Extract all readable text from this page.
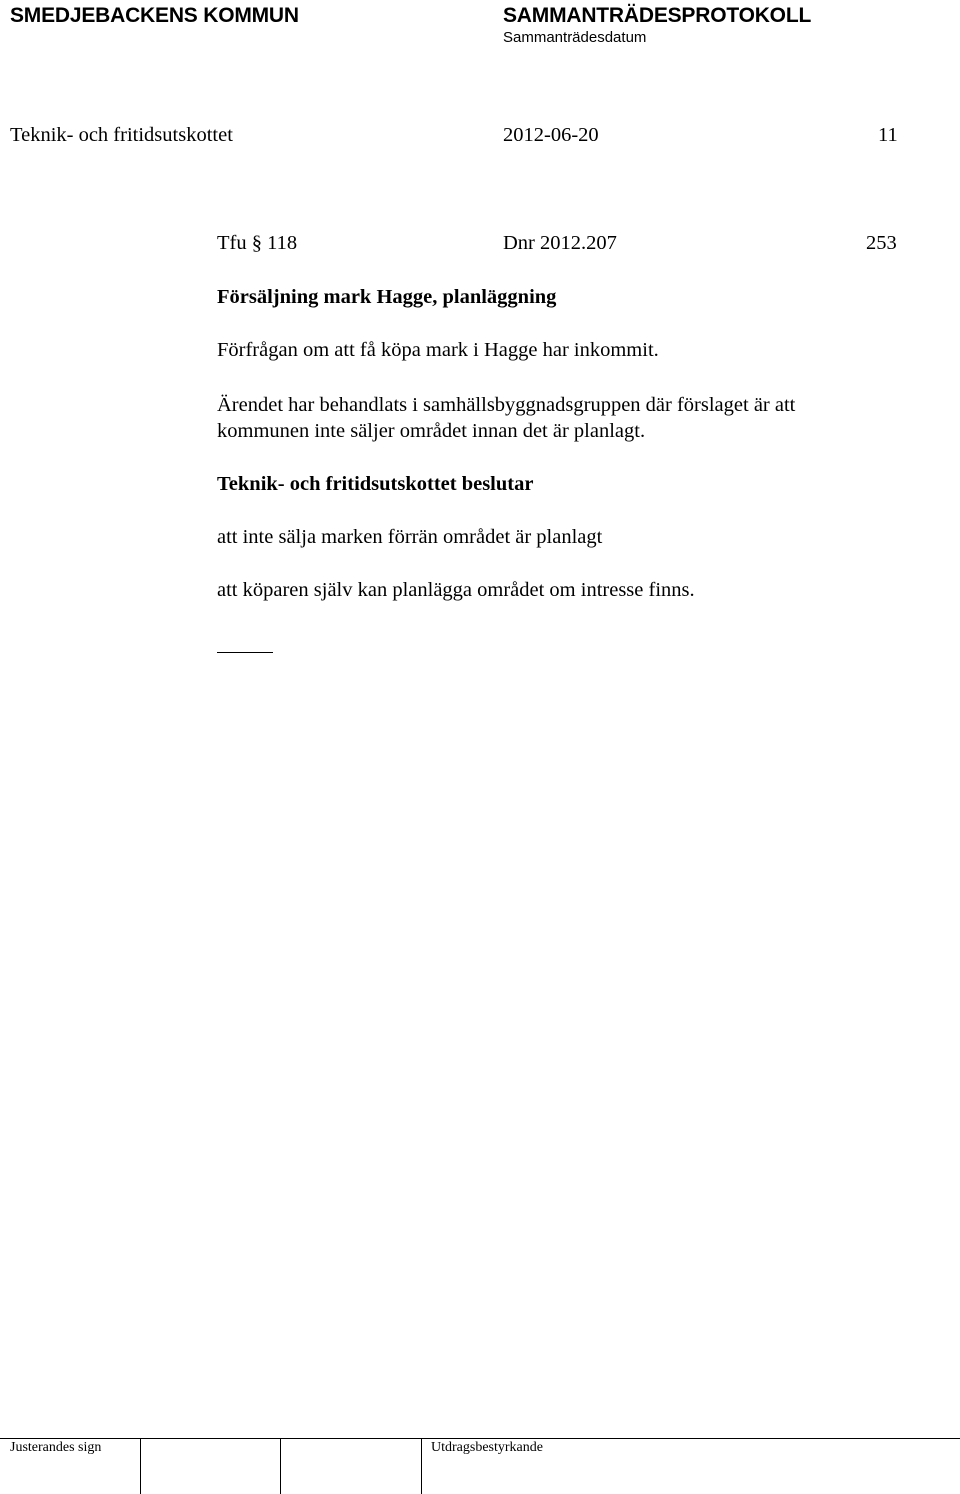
SMEDJEBACKENS KOMMUN	SAMMANTRÄDESPROTOKOLL
Sammanträdesdatum
Teknik- och fritidsutskottet	2012-06-20	11
Tfu § 118	Dnr 2012.207	253
Försäljning mark Hagge, planläggning
Förfrågan om att få köpa mark i Hagge har inkommit.
Ärendet har behandlats i samhällsbyggnadsgruppen där förslaget är att
kommunen inte säljer området innan det är planlagt.
Teknik- och fritidsutskottet beslutar
att inte sälja marken förrän området är planlagt
att köparen själv kan planlägga området om intresse finns.
Justerandes sign	Utdragsbestyrkande
